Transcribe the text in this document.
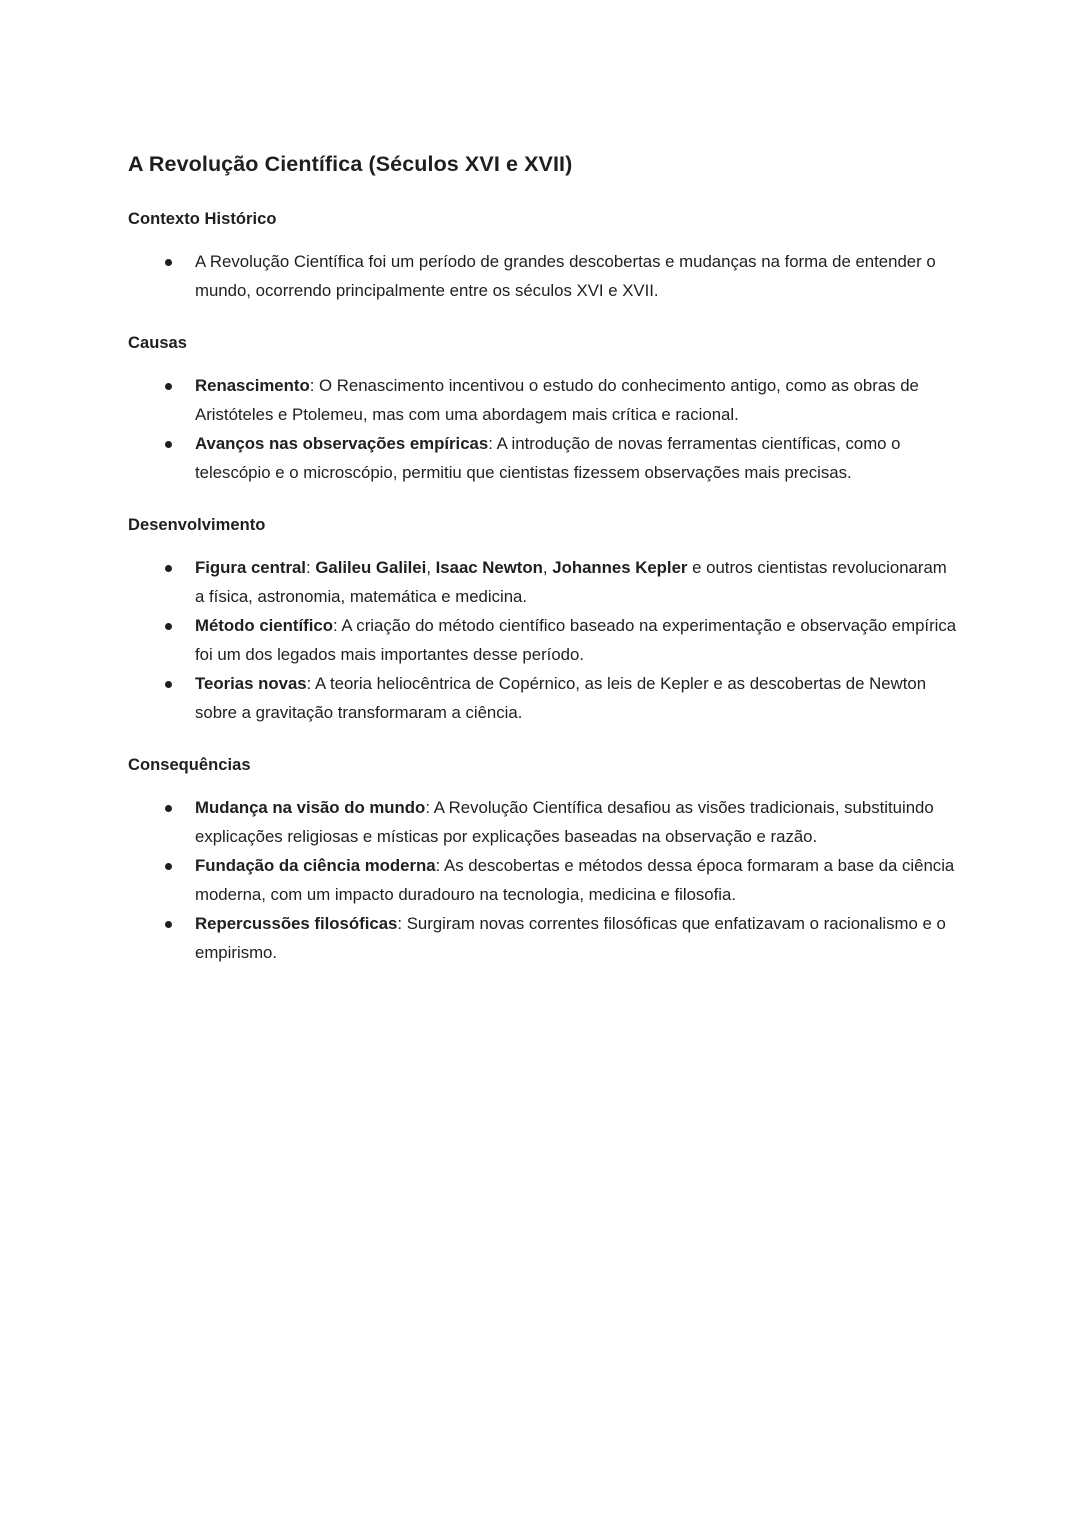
A Revolução Científica (Séculos XVI e XVII)
Contexto Histórico
A Revolução Científica foi um período de grandes descobertas e mudanças na forma de entender o mundo, ocorrendo principalmente entre os séculos XVI e XVII.
Causas
Renascimento: O Renascimento incentivou o estudo do conhecimento antigo, como as obras de Aristóteles e Ptolemeu, mas com uma abordagem mais crítica e racional.
Avanços nas observações empíricas: A introdução de novas ferramentas científicas, como o telescópio e o microscópio, permitiu que cientistas fizessem observações mais precisas.
Desenvolvimento
Figura central: Galileu Galilei, Isaac Newton, Johannes Kepler e outros cientistas revolucionaram a física, astronomia, matemática e medicina.
Método científico: A criação do método científico baseado na experimentação e observação empírica foi um dos legados mais importantes desse período.
Teorias novas: A teoria heliocêntrica de Copérnico, as leis de Kepler e as descobertas de Newton sobre a gravitação transformaram a ciência.
Consequências
Mudança na visão do mundo: A Revolução Científica desafiou as visões tradicionais, substituindo explicações religiosas e místicas por explicações baseadas na observação e razão.
Fundação da ciência moderna: As descobertas e métodos dessa época formaram a base da ciência moderna, com um impacto duradouro na tecnologia, medicina e filosofia.
Repercussões filosóficas: Surgiram novas correntes filosóficas que enfatizavam o racionalismo e o empirismo.
